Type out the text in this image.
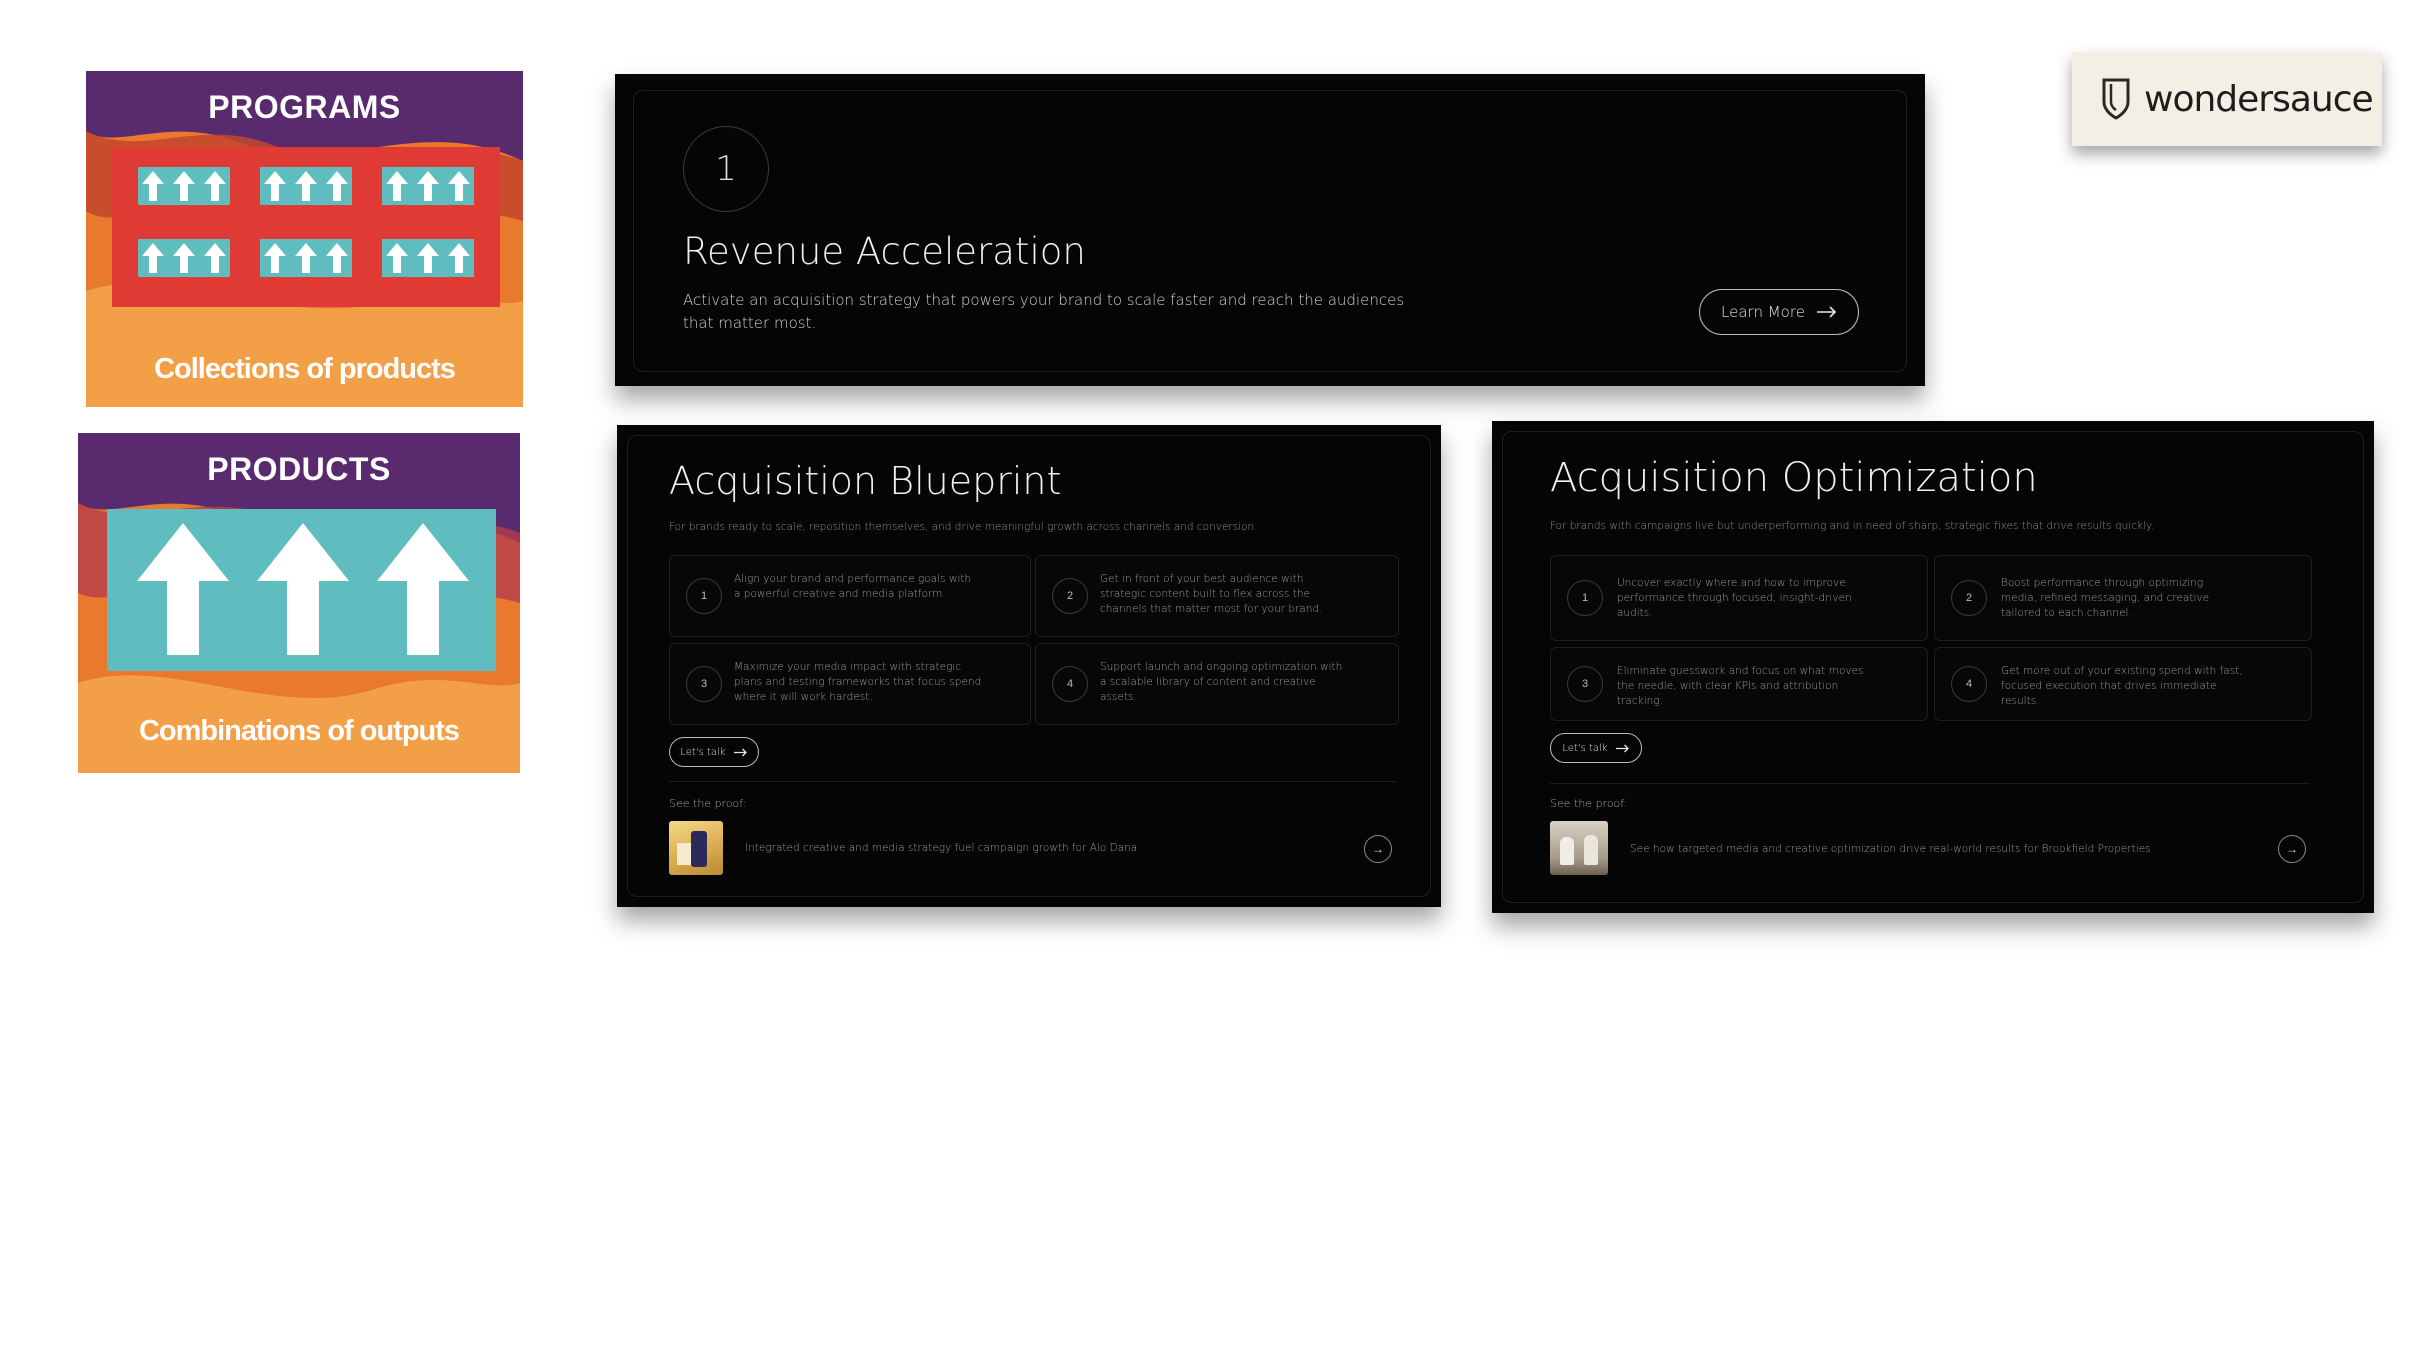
PROGRAMS
Collections of products
PRODUCTS
Combinations of outputs
1
Revenue Acceleration
Activate an acquisition strategy that powers your brand to scale faster and reach the audiences
that matter most.
Learn More
Acquisition Blueprint
For brands ready to scale, reposition themselves, and drive meaningful growth across channels and conversion.
1
Align your brand and performance goals with a powerful creative and media platform.	2
Get in front of your best audience with strategic content built to flex across the channels that matter most for your brand.
3
Maximize your media impact with strategic plans and testing frameworks that focus spend where it will work hardest.
4
Support launch and ongoing optimization with a scalable library of content and creative assets.
Let's talk
See the proof:
Integrated creative and media strategy fuel campaign growth for Alo Dana	→
Acquisition Optimization
For brands with campaigns live but underperforming and in need of sharp, strategic fixes that drive results quickly.
1
Uncover exactly where and how to improve performance through focused, insight-driven audits.
2
Boost performance through optimizing media, refined messaging, and creative tailored to each channel.
3
Eliminate guesswork and focus on what moves the needle, with clear KPIs and attribution tracking.
4
Get more out of your existing spend with fast, focused execution that drives immediate results.
Let's talk
See the proof:
See how targeted media and creative optimization drive real-world results for Brookfield Properties	→
wondersauce
